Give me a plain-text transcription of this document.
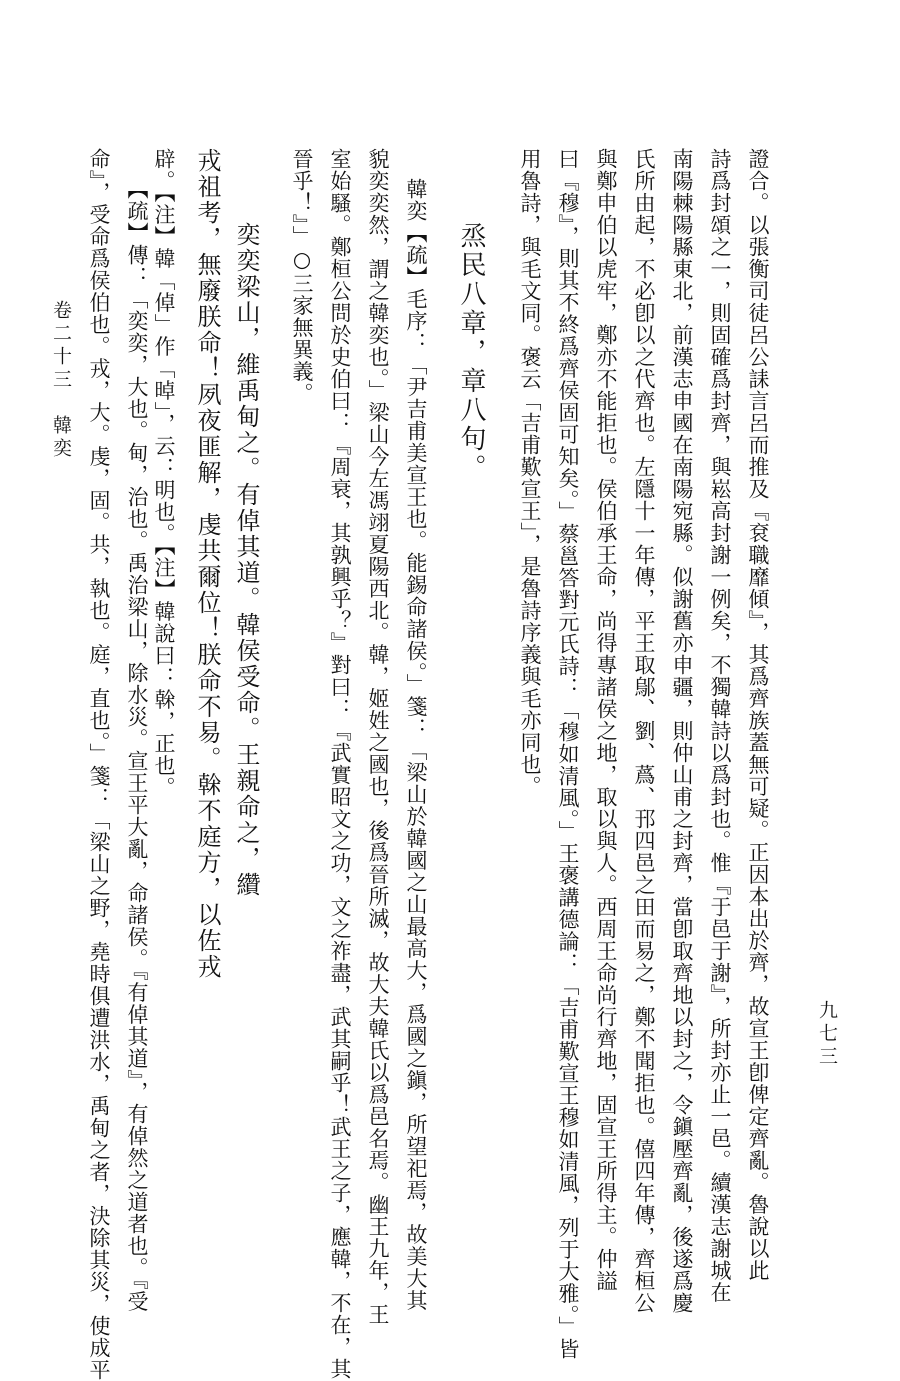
證合。以張衡司徒呂公誄言呂而推及『袞職靡傾』，其爲齊族蓋無可疑。正因本出於齊，故宣王卽俾定齊亂。魯說以此
詩爲封頌之一，則固確爲封齊，與崧高封謝一例矣，不獨韓詩以爲封也。惟『于邑于謝』，所封亦止一邑。續漢志謝城在
南陽棘陽縣東北，前漢志申國在南陽宛縣。似謝舊亦申疆，則仲山甫之封齊，當卽取齊地以封之，令鎭壓齊亂，後遂爲慶
氏所由起，不必卽以之代齊也。左隱十一年傳，平王取鄔、劉、蔿、邘四邑之田而易之，鄭不聞拒也。僖四年傳，齊桓公
與鄭申伯以虎牢，鄭亦不能拒也。侯伯承王命，尚得專諸侯之地，取以與人。西周王命尚行齊地，固宣王所得主。仲謚
曰『穆』，則其不終爲齊侯固可知矣。」蔡邕答對元氏詩：「穆如清風。」王褒講德論：「吉甫歎宣王穆如清風，列于大雅。」皆
用魯詩，與毛文同。褒云「吉甫歎宣王」，是魯詩序義與毛亦同也。
烝民八章，章八句。
韓奕【疏】毛序：「尹吉甫美宣王也。能錫命諸侯。」箋：「梁山於韓國之山最高大，爲國之鎭，所望祀焉，故美大其
貌奕奕然，謂之韓奕也。」梁山今左馮翊夏陽西北。韓，姬姓之國也，後爲晉所滅，故大夫韓氏以爲邑名焉。幽王九年，王
室始騷。鄭桓公問於史伯曰：『周衰，其孰興乎？』對曰：『武實昭文之功，文之祚盡，武其嗣乎！武王之子，應韓，不在，其
晉乎！』」○三家無異義。
奕奕梁山，維禹甸之。有倬其道。韓侯受命。王親命之，纘
戎祖考，無廢朕命！夙夜匪解，虔共爾位！朕命不易。榦不庭方，以佐戎
辟。【注】韓「倬」作「晫」，云：明也。【注】韓說曰：榦，正也。
【疏】傳：「奕奕，大也。甸，治也。禹治梁山，除水災。宣王平大亂，命諸侯。『有倬其道』，有倬然之道者也。『受
命』，受命爲侯伯也。戎，大。虔，固。共，執也。庭，直也。」箋：「梁山之野，堯時俱遭洪水，禹甸之者，決除其災，使成平
卷二十三　韓奕
九七三
